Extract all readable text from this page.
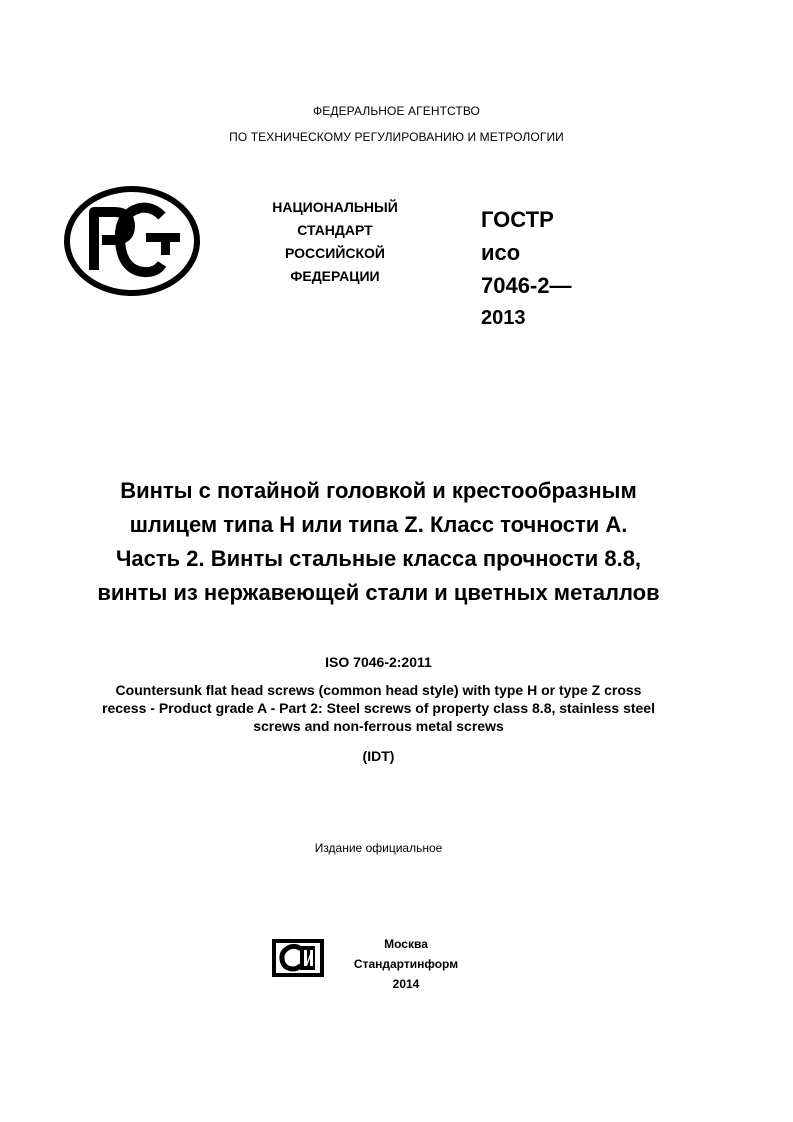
ФЕДЕРАЛЬНОЕ АГЕНТСТВО
ПО ТЕХНИЧЕСКОМУ РЕГУЛИРОВАНИЮ И МЕТРОЛОГИИ
НАЦИОНАЛЬНЫЙ
СТАНДАРТ
РОССИЙСКОЙ
ФЕДЕРАЦИИ
ГОСТР
исо
7046-2—
2013
Винты с потайной головкой и крестообразным
шлицем типа H или типа Z. Класс точности A.
Часть 2. Винты стальные класса прочности 8.8,
винты из нержавеющей стали и цветных металлов
ISO 7046-2:2011
Countersunk flat head screws (common head style) with type H or type Z cross
recess - Product grade A - Part 2: Steel screws of property class 8.8, stainless steel
screws and non-ferrous metal screws
(IDT)
Издание официальное
Москва
Стандартинформ
2014
